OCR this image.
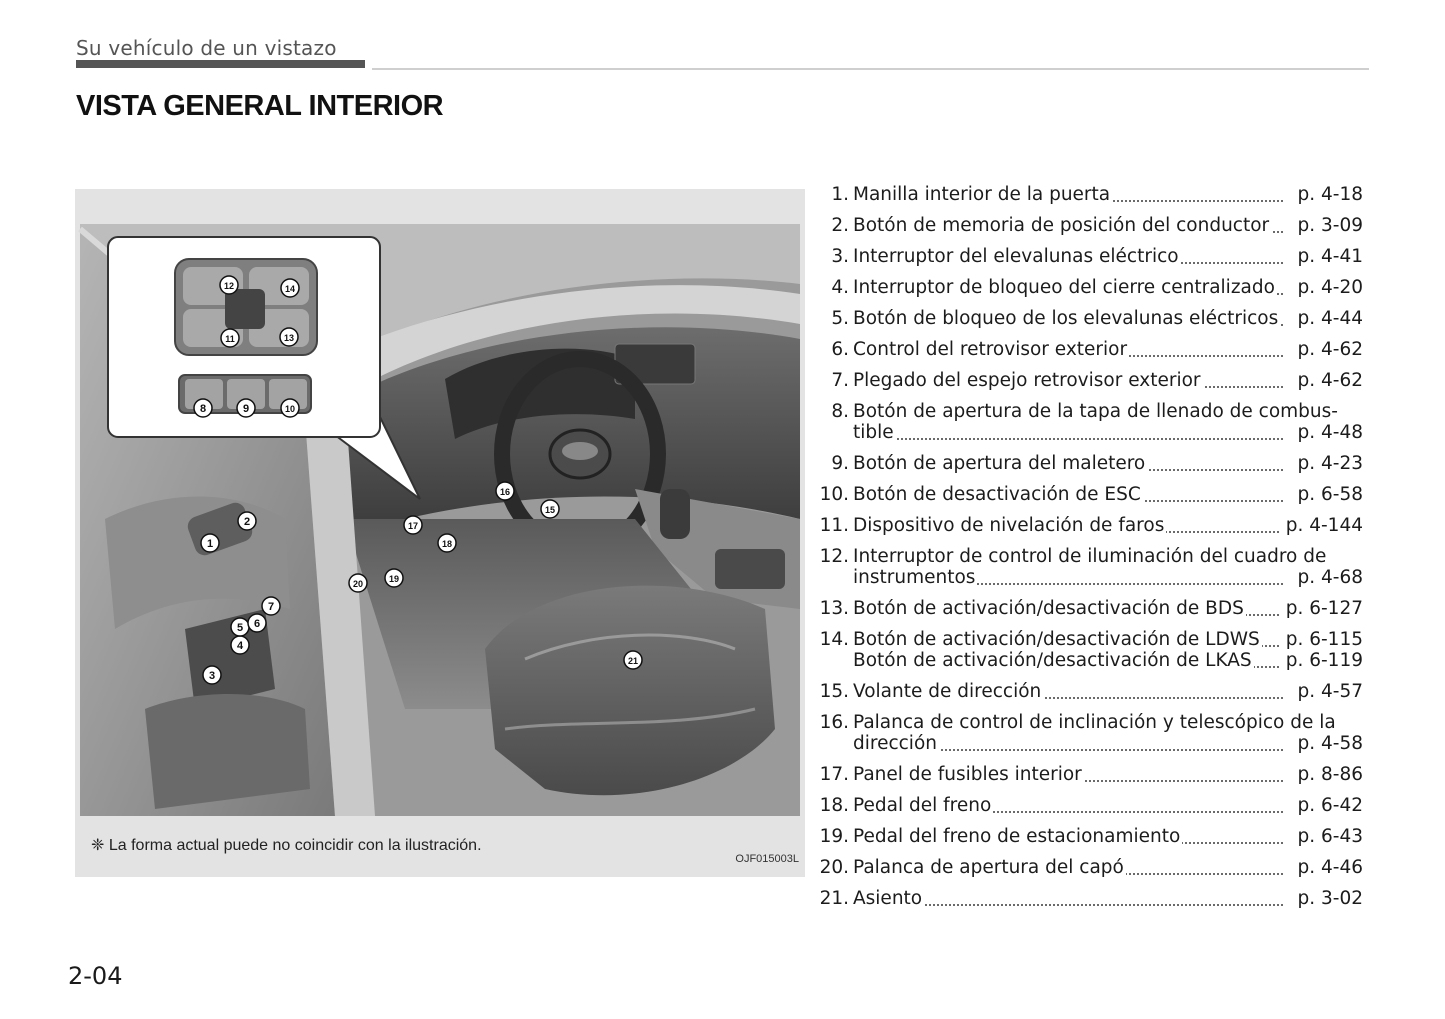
Su vehículo de un vistazo
VISTA GENERAL INTERIOR
1
2
3
4
5 6
7
8	9	10
11
12
13
14
15
16
17
18
19
20
21
❈ La forma actual puede no coincidir con la ilustración.
OJF015003L
1. Manilla interior de la puerta	p. 4-18
2. Botón de memoria de posición del conductor	p. 3-09
3. Interruptor del elevalunas eléctrico	p. 4-41
4. Interruptor de bloqueo del cierre centralizado	p. 4-20
5. Botón de bloqueo de los elevalunas eléctricos	p. 4-44
6. Control del retrovisor exterior	p. 4-62
7. Plegado del espejo retrovisor exterior	p. 4-62
8. Botón de apertura de la tapa de llenado de combus-
tible	p. 4-48
9. Botón de apertura del maletero	p. 4-23
10. Botón de desactivación de ESC	p. 6-58
11. Dispositivo de nivelación de faros	p. 4-144
12. Interruptor de control de iluminación del cuadro de
instrumentos	p. 4-68
13. Botón de activación/desactivación de BDS	p. 6-127
14. Botón de activación/desactivación de LDWS	p. 6-115
Botón de activación/desactivación de LKAS	p. 6-119
15. Volante de dirección	p. 4-57
16. Palanca de control de inclinación y telescópico de la
dirección	p. 4-58
17. Panel de fusibles interior	p. 8-86
18. Pedal del freno	p. 6-42
19. Pedal del freno de estacionamiento	p. 6-43
20. Palanca de apertura del capó	p. 4-46
21. Asiento	p. 3-02
2-04
